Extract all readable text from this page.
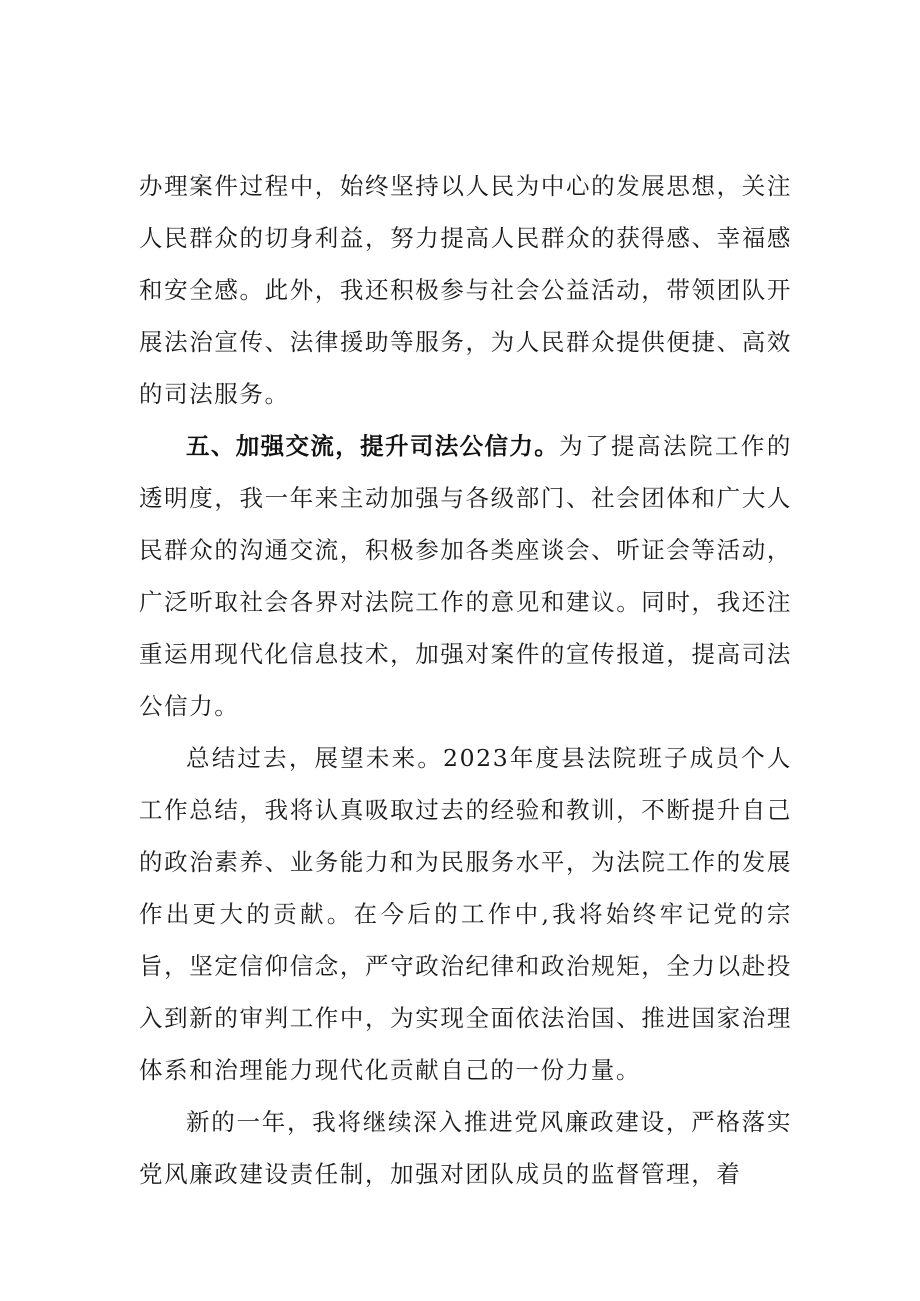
办理案件过程中，始终坚持以人民为中心的发展思想，关注人民群众的切身利益，努力提高人民群众的获得感、幸福感和安全感。此外，我还积极参与社会公益活动，带领团队开展法治宣传、法律援助等服务，为人民群众提供便捷、高效的司法服务。

五、加强交流，提升司法公信力。为了提高法院工作的透明度，我一年来主动加强与各级部门、社会团体和广大人民群众的沟通交流，积极参加各类座谈会、听证会等活动，广泛听取社会各界对法院工作的意见和建议。同时，我还注重运用现代化信息技术，加强对案件的宣传报道，提高司法公信力。

总结过去，展望未来。2023年度县法院班子成员个人工作总结，我将认真吸取过去的经验和教训，不断提升自己的政治素养、业务能力和为民服务水平，为法院工作的发展作出更大的贡献。在今后的工作中,我将始终牢记党的宗旨，坚定信仰信念，严守政治纪律和政治规矩，全力以赴投入到新的审判工作中，为实现全面依法治国、推进国家治理体系和治理能力现代化贡献自己的一份力量。

新的一年，我将继续深入推进党风廉政建设，严格落实党风廉政建设责任制，加强对团队成员的监督管理，着
